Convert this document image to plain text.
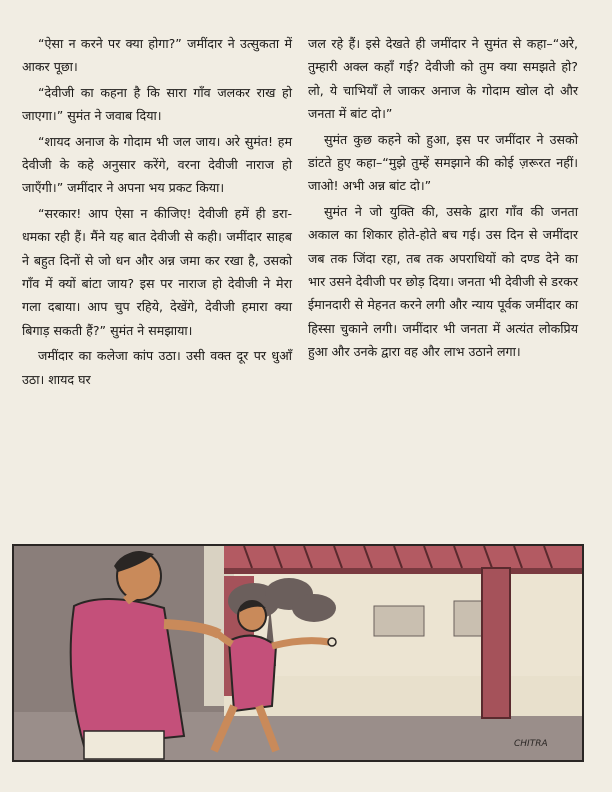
“ऐसा न करने पर क्या होगा?” जमींदार ने उत्सुकता में आकर पूछा।

“देवीजी का कहना है कि सारा गाँव जलकर राख हो जाएगा।” सुमंत ने जवाब दिया।

“शायद अनाज के गोदाम भी जल जाय। अरे सुमंत! हम देवीजी के कहे अनुसार करेंगे, वरना देवीजी नाराज हो जाएँगी।” जमींदार ने अपना भय प्रकट किया।

“सरकार! आप ऐसा न कीजिए! देवीजी हमें ही डरा-धमका रही हैं। मैंने यह बात देवीजी से कही। जमींदार साहब ने बहुत दिनों से जो धन और अन्न जमा कर रखा है, उसको गाँव में क्यों बांटा जाय? इस पर नाराज हो देवीजी ने मेरा गला दबाया। आप चुप रहिये, देखेंगे, देवीजी हमारा क्या बिगाड़ सकती हैं?” सुमंत ने समझाया।

जमींदार का कलेजा कांप उठा। उसी वक्त दूर पर धुआँ उठा। शायद घर

जल रहे हैं। इसे देखते ही जमींदार ने सुमंत से कहा–“अरे, तुम्हारी अक्ल कहाँ गई? देवीजी को तुम क्या समझते हो? लो, ये चाभियाँ ले जाकर अनाज के गोदाम खोल दो और जनता में बांट दो।”

सुमंत कुछ कहने को हुआ, इस पर जमींदार ने उसको डांटते हुए कहा–“मुझे तुम्हें समझाने की कोई ज़रूरत नहीं। जाओ! अभी अन्न बांट दो।”

सुमंत ने जो युक्ति की, उसके द्वारा गाँव की जनता अकाल का शिकार होते-होते बच गई। उस दिन से जमींदार जब तक जिंदा रहा, तब तक अपराधियों को दण्ड देने का भार उसने देवीजी पर छोड़ दिया। जनता भी देवीजी से डरकर ईमानदारी से मेहनत करने लगी और न्याय पूर्वक जमींदार का हिस्सा चुकाने लगी। जमींदार भी जनता में अत्यंत लोकप्रिय हुआ और उनके द्वारा वह और लाभ उठाने लगा।

CHITRA
